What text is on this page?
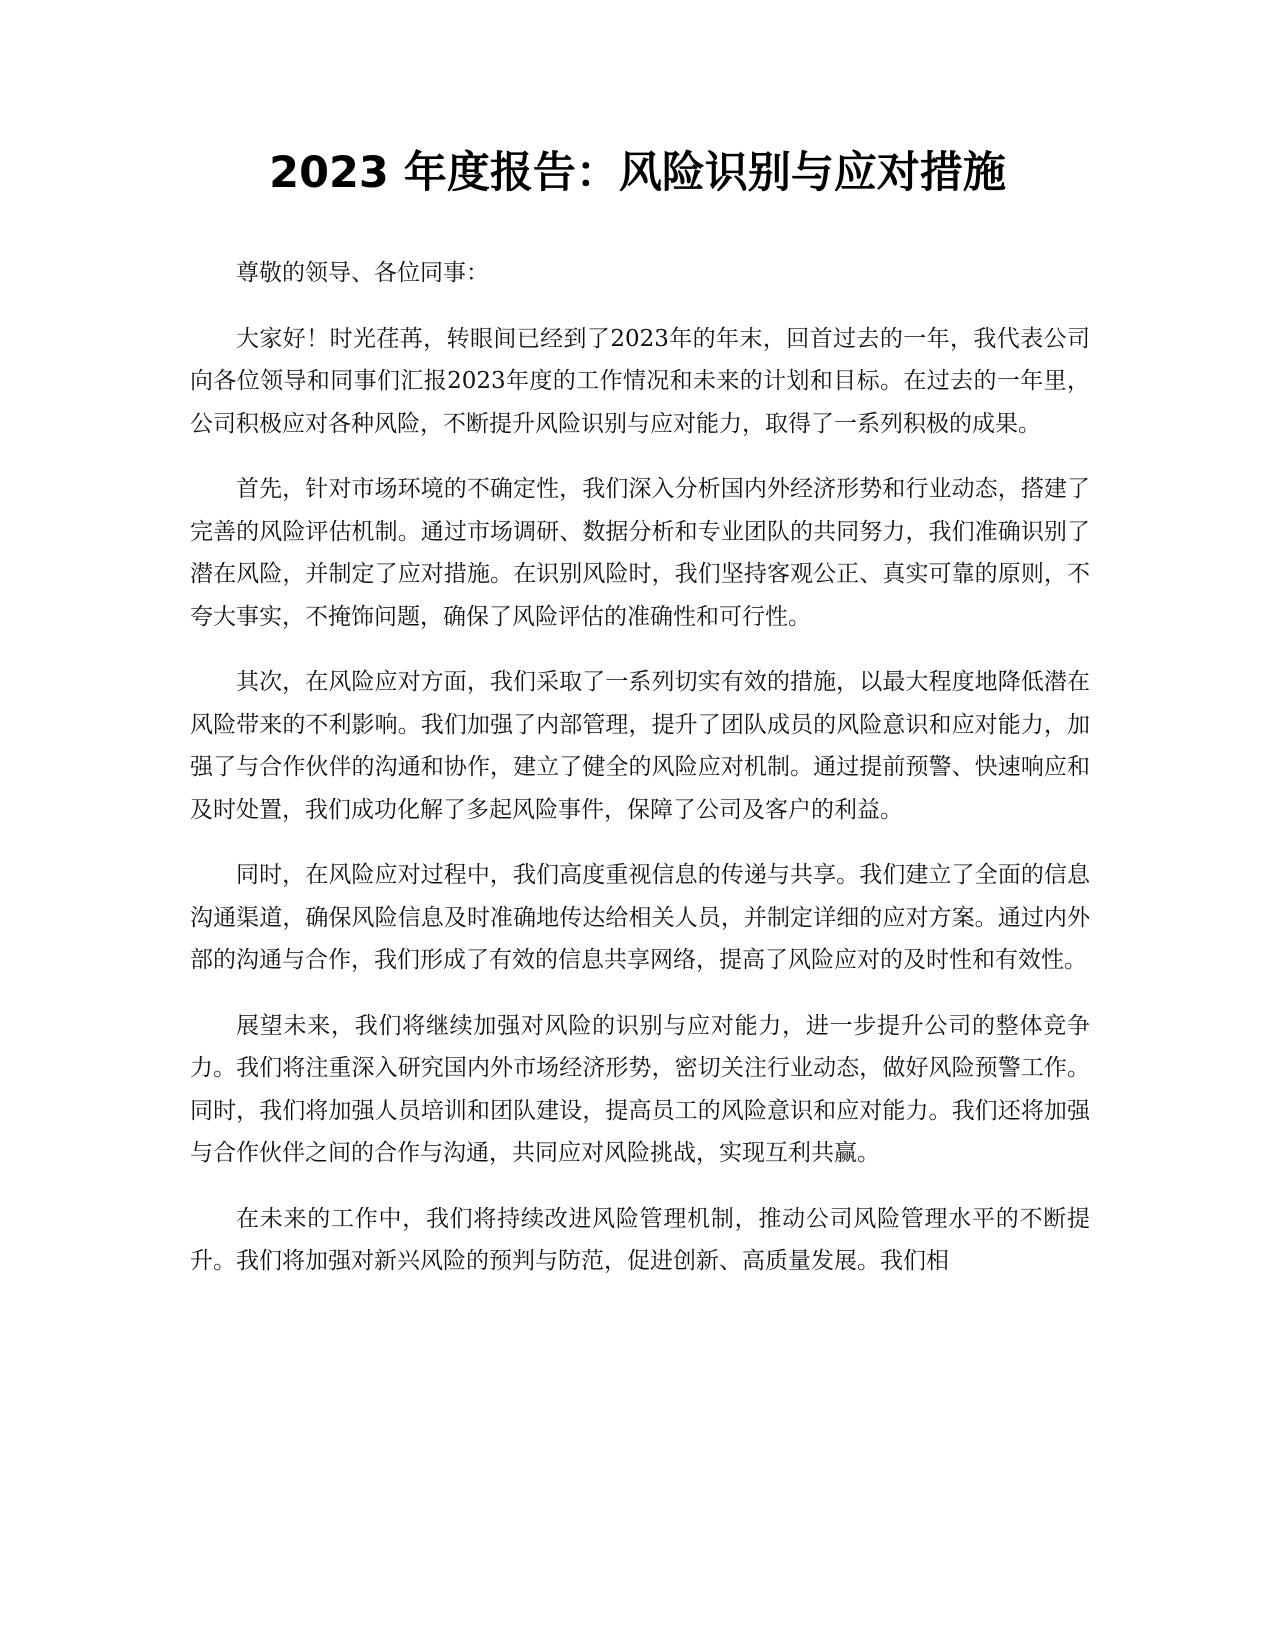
2023 年度报告：风险识别与应对措施

尊敬的领导、各位同事：

大家好！时光荏苒，转眼间已经到了2023年的年末，回首过去的一年，我代表公司向各位领导和同事们汇报2023年度的工作情况和未来的计划和目标。在过去的一年里，公司积极应对各种风险，不断提升风险识别与应对能力，取得了一系列积极的成果。

首先，针对市场环境的不确定性，我们深入分析国内外经济形势和行业动态，搭建了完善的风险评估机制。通过市场调研、数据分析和专业团队的共同努力，我们准确识别了潜在风险，并制定了应对措施。在识别风险时，我们坚持客观公正、真实可靠的原则，不夸大事实，不掩饰问题，确保了风险评估的准确性和可行性。

其次，在风险应对方面，我们采取了一系列切实有效的措施，以最大程度地降低潜在风险带来的不利影响。我们加强了内部管理，提升了团队成员的风险意识和应对能力，加强了与合作伙伴的沟通和协作，建立了健全的风险应对机制。通过提前预警、快速响应和及时处置，我们成功化解了多起风险事件，保障了公司及客户的利益。

同时，在风险应对过程中，我们高度重视信息的传递与共享。我们建立了全面的信息沟通渠道，确保风险信息及时准确地传达给相关人员，并制定详细的应对方案。通过内外部的沟通与合作，我们形成了有效的信息共享网络，提高了风险应对的及时性和有效性。

展望未来，我们将继续加强对风险的识别与应对能力，进一步提升公司的整体竞争力。我们将注重深入研究国内外市场经济形势，密切关注行业动态，做好风险预警工作。同时，我们将加强人员培训和团队建设，提高员工的风险意识和应对能力。我们还将加强与合作伙伴之间的合作与沟通，共同应对风险挑战，实现互利共赢。

在未来的工作中，我们将持续改进风险管理机制，推动公司风险管理水平的不断提升。我们将加强对新兴风险的预判与防范，促进创新、高质量发展。我们相
